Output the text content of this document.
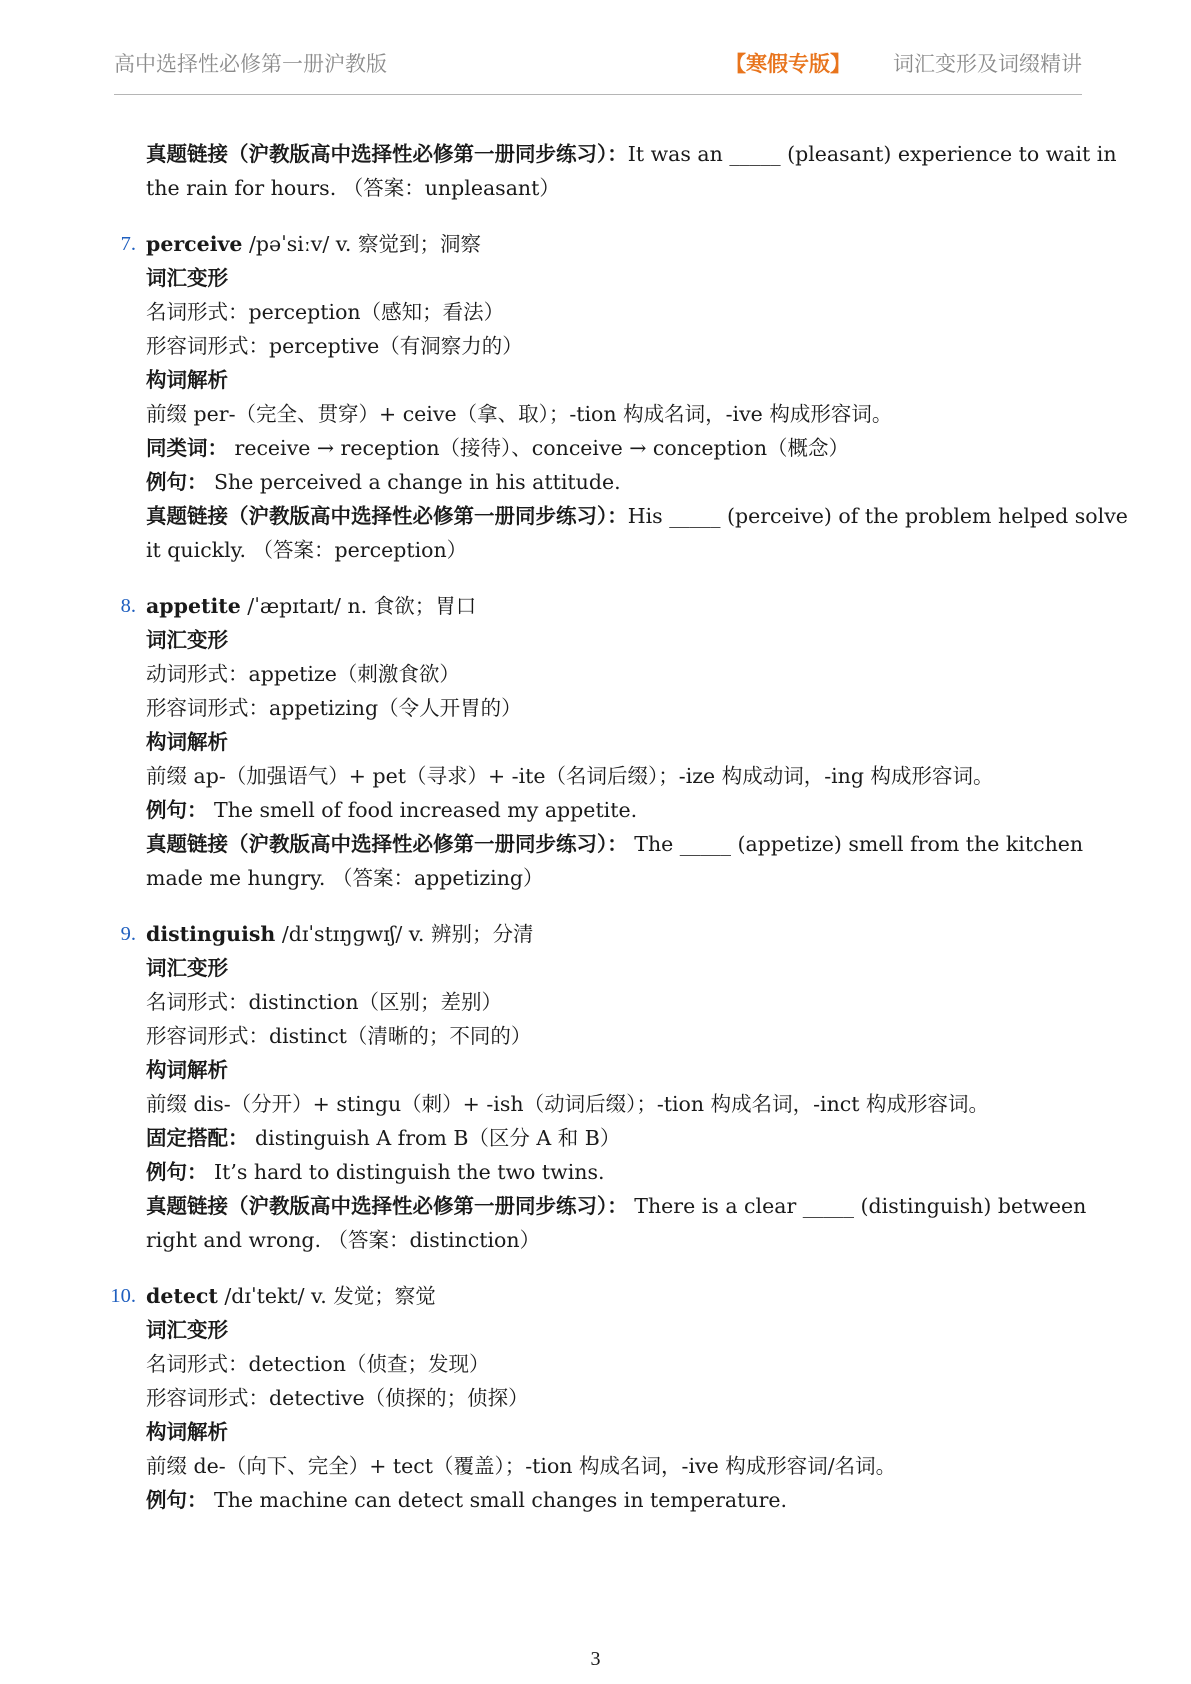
高中选择性必修第一册沪教版	【寒假专版】 词汇变形及词缀精讲
真题链接（沪教版高中选择性必修第一册同步练习）：It was an _____ (pleasant) experience to wait in
the rain for hours. （答案：unpleasant）
7. perceive /pəˈsiːv/ v. 察觉到；洞察
词汇变形
名词形式：perception（感知；看法）
形容词形式：perceptive（有洞察力的）
构词解析
前缀 per-（完全、贯穿）+ ceive（拿、取）；-tion 构成名词，-ive 构成形容词。
同类词： receive → reception（接待）、conceive → conception（概念）
例句： She perceived a change in his attitude.
真题链接（沪教版高中选择性必修第一册同步练习）：His _____ (perceive) of the problem helped solve
it quickly. （答案：perception）
8. appetite /ˈæpɪtaɪt/ n. 食欲；胃口
词汇变形
动词形式：appetize（刺激食欲）
形容词形式：appetizing（令人开胃的）
构词解析
前缀 ap-（加强语气）+ pet（寻求）+ -ite（名词后缀）；-ize 构成动词，-ing 构成形容词。
例句： The smell of food increased my appetite.
真题链接（沪教版高中选择性必修第一册同步练习）： The _____ (appetize) smell from the kitchen
made me hungry. （答案：appetizing）
9. distinguish /dɪˈstɪŋɡwɪʃ/ v. 辨别；分清
词汇变形
名词形式：distinction（区别；差别）
形容词形式：distinct（清晰的；不同的）
构词解析
前缀 dis-（分开）+ stingu（刺）+ -ish（动词后缀）；-tion 构成名词，-inct 构成形容词。
固定搭配： distinguish A from B（区分 A 和 B）
例句： It’s hard to distinguish the two twins.
真题链接（沪教版高中选择性必修第一册同步练习）： There is a clear _____ (distinguish) between
right and wrong. （答案：distinction）
10. detect /dɪˈtekt/ v. 发觉；察觉
词汇变形
名词形式：detection（侦查；发现）
形容词形式：detective（侦探的；侦探）
构词解析
前缀 de-（向下、完全）+ tect（覆盖）；-tion 构成名词，-ive 构成形容词/名词。
例句： The machine can detect small changes in temperature.
3
